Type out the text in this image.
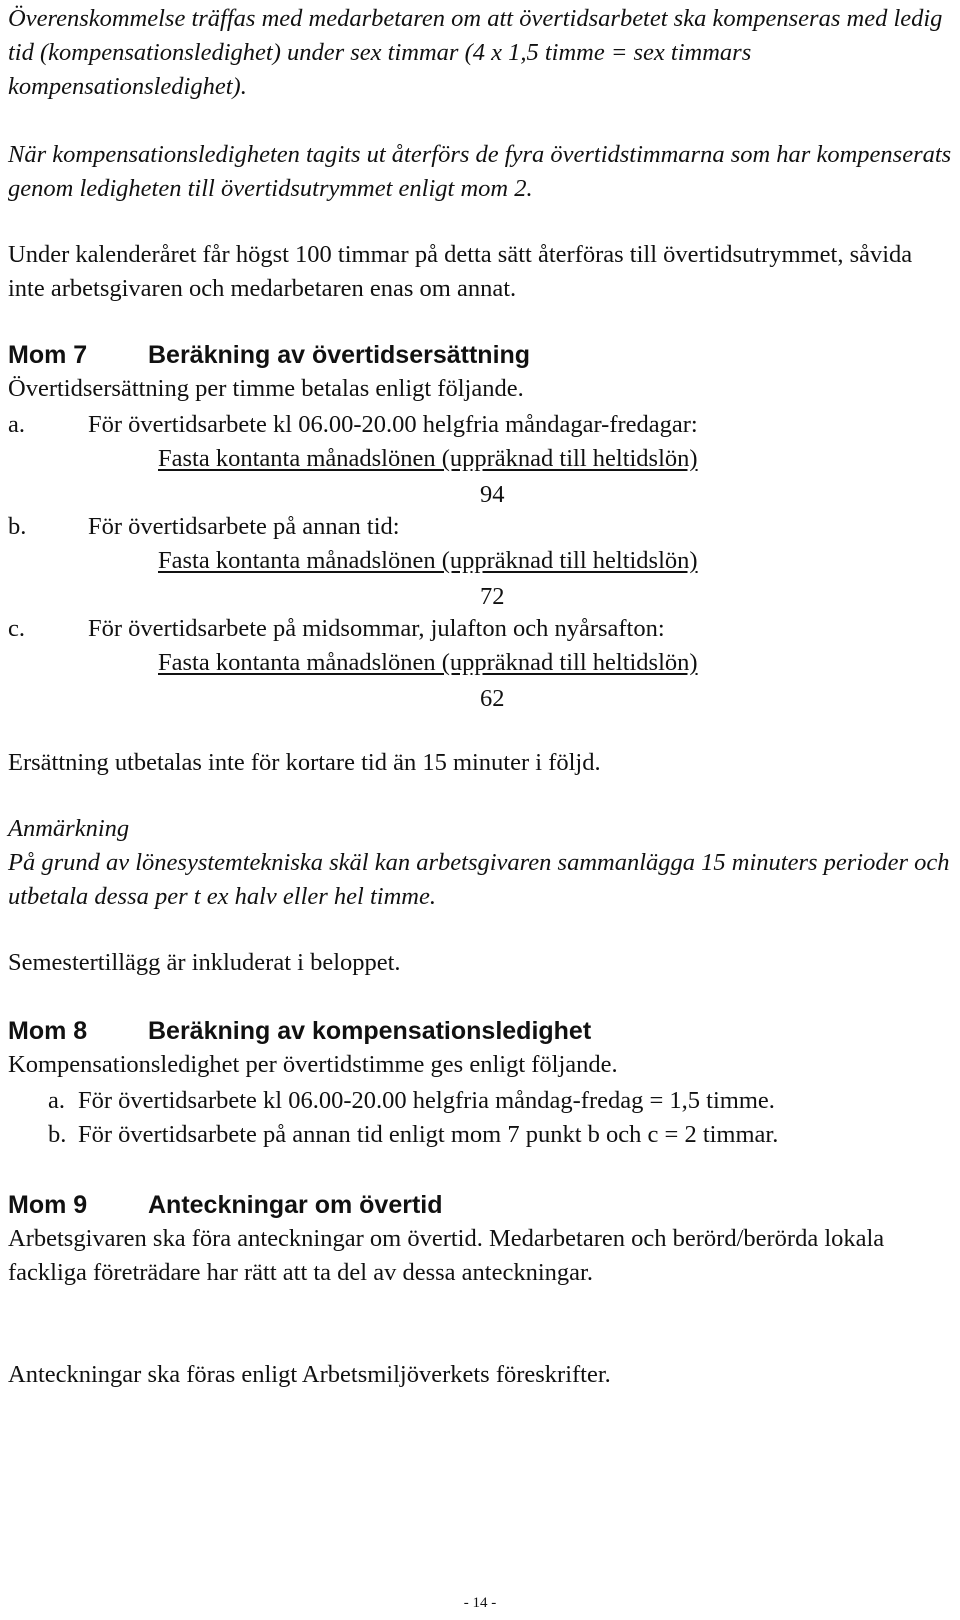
Överenskommelse träffas med medarbetaren om att övertidsarbetet ska kompenseras med ledig tid (kompensationsledighet) under sex timmar (4 x 1,5 timme = sex timmars kompensationsledighet).

När kompensationsledigheten tagits ut återförs de fyra övertidstimmarna som har kompenserats genom ledigheten till övertidsutrymmet enligt mom 2.

Under kalenderåret får högst 100 timmar på detta sätt återföras till övertidsutrymmet, såvida inte arbetsgivaren och medarbetaren enas om annat.

Mom 7 Beräkning av övertidsersättning

Övertidsersättning per timme betalas enligt följande.

a.	För övertidsarbete kl 06.00-20.00 helgfria måndagar-fredagar:
Fasta kontanta månadslönen (uppräknad till heltidslön)
94
b.	För övertidsarbete på annan tid:
Fasta kontanta månadslönen (uppräknad till heltidslön)
72
c.	För övertidsarbete på midsommar, julafton och nyårsafton:
Fasta kontanta månadslönen (uppräknad till heltidslön)
62

Ersättning utbetalas inte för kortare tid än 15 minuter i följd.

Anmärkning

På grund av lönesystemtekniska skäl kan arbetsgivaren sammanlägga 15 minuters perioder och utbetala dessa per t ex halv eller hel timme.

Semestertillägg är inkluderat i beloppet.

Mom 8 Beräkning av kompensationsledighet

Kompensationsledighet per övertidstimme ges enligt följande.

a. För övertidsarbete kl 06.00-20.00 helgfria måndag-fredag = 1,5 timme.
b. För övertidsarbete på annan tid enligt mom 7 punkt b och c = 2 timmar.
Mom 9 Anteckningar om övertid

Arbetsgivaren ska föra anteckningar om övertid. Medarbetaren och berörd/berörda lokala fackliga företrädare har rätt att ta del av dessa anteckningar.

Anteckningar ska föras enligt Arbetsmiljöverkets föreskrifter.

- 14 -
